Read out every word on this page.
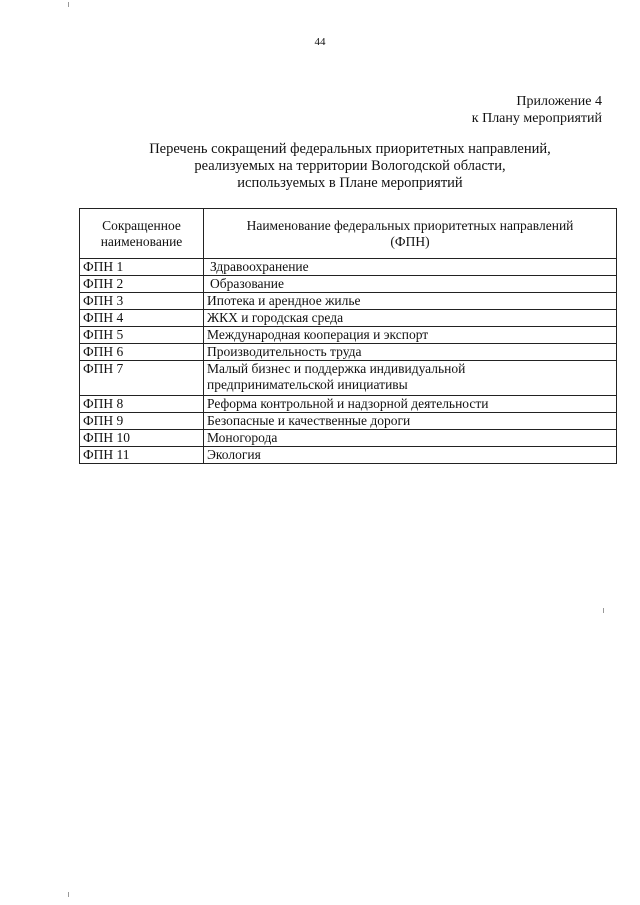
44
Приложение 4
к Плану мероприятий
Перечень сокращений федеральных приоритетных направлений,
реализуемых на территории Вологодской области,
используемых в Плане мероприятий
Сокращенное
наименование	Наименование федеральных приоритетных направлений
(ФПН)
ФПН 1	Здравоохранение
ФПН 2	Образование
ФПН 3	Ипотека и арендное жилье
ФПН 4	ЖКХ и городская среда
ФПН 5	Международная кооперация и экспорт
ФПН 6	Производительность труда
ФПН 7	Малый бизнес и поддержка индивидуальной
предпринимательской инициативы
ФПН 8	Реформа контрольной и надзорной деятельности
ФПН 9	Безопасные и качественные дороги
ФПН 10	Моногорода
ФПН 11	Экология
